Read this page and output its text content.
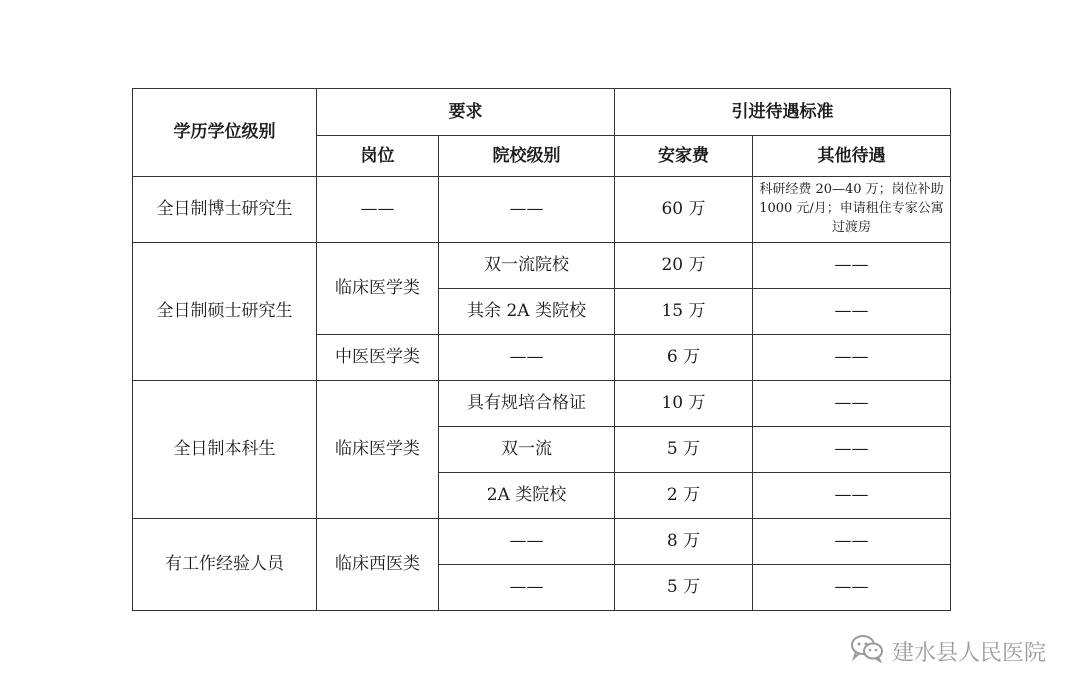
学历学位级别	要求		引进待遇标准	
	岗位	院校级别	安家费	其他待遇
全日制博士研究生	——	——	60 万	科研经费 20—40 万；岗位补助 1000 元/月；申请租住专家公寓过渡房
全日制硕士研究生	临床医学类	双一流院校	20 万	——
		其余 2A 类院校	15 万	——
	中医医学类	——	6 万	——
全日制本科生	临床医学类	具有规培合格证	10 万	——
		双一流	5 万	——
		2A 类院校	2 万	——
有工作经验人员	临床西医类	——	8 万	——
		——	5 万	——
建水县人民医院
